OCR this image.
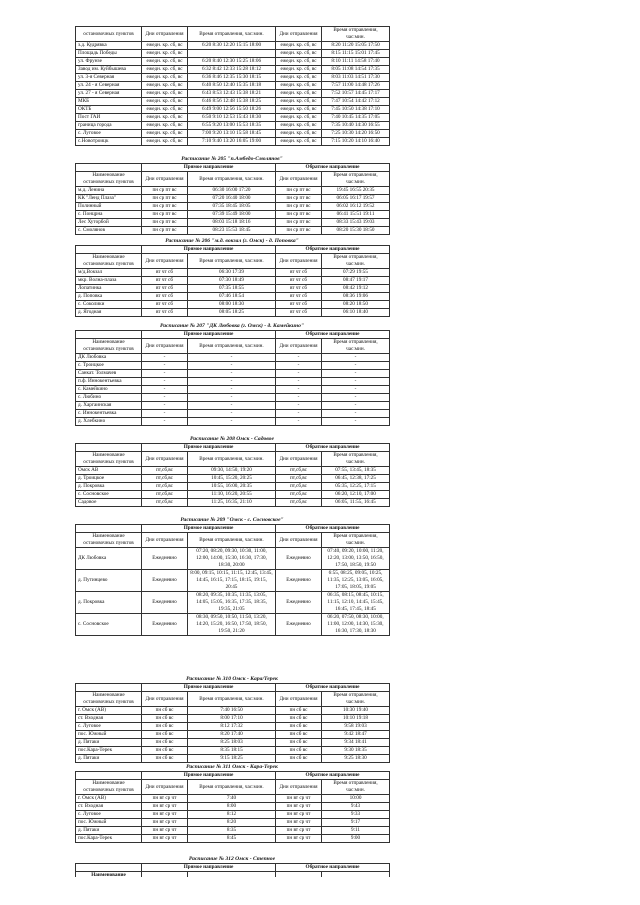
остановочных пунктов	Дни отправления	Время отправления, час:мин.	Дни отправления	Время отправления, час:мин.
з.д. Кудрявка	ежедн. кр. сб, вс	6:20 8:30 12:20 15:15 18:00	ежедн. кр. сб, вс	8:20 11:20 15:05 17:50
Площадь Победы	ежедн. кр. сб, вс		ежедн. кр. сб, вс	8:15 11:15 15:01 17:45
ул. Фрунзе	ежедн. кр. сб, вс	6:20 8:40 12:30 15:25 18:06	ежедн. кр. сб, вс	8:10 11:11 14:58 17:40
Завод им. Куйбышева	ежедн. кр. сб, вс	6:32 8:42 12:33 15:28 18:12	ежедн. кр. сб, вс	8:05 11:08 14:54 17:35
ул. 3-я Северная	ежедн. кр. сб, вс	6:36 8:46 12:35 15:30 18:15	ежедн. кр. сб, вс	8:03 11:03 14:51 17:30
ул. 24 - я Северная	ежедн. кр. сб, вс	6:40 8:50 12:40 15:35 18:18	ежедн. кр. сб, вс	7:57 11:00 14:48 17:26
ул. 27 - я Северная	ежедн. кр. сб, вс	6:43 8:53 12:43 15:38 18:21	ежедн. кр. сб, вс	7:52 10:57 14:45 17:17
МКБ	ежедн. кр. сб, вс	6:46 8:56 12:48 15:38 18:25	ежедн. кр. сб, вс	7:47 10:54 14:42 17:12
ОКТБ	ежедн. кр. сб, вс	6:49 9:00 12:56 15:50 18:26	ежедн. кр. сб, вс	7:45 10:50 14:38 17:10
Пост ГАИ	ежедн. кр. сб, вс	6:50 9:10 12:53 15:43 18:30	ежедн. кр. сб, вс	7:40 10:45 14:35 17:05
граница города	ежедн. кр. сб, вс	6:55 9:20 13:00 15:53 18:35	ежедн. кр. сб, вс	7:35 10:40 14:30 16:55
с. Луговое	ежедн. кр. сб, вс	7:00 9:20 13:10 15:58 18:45	ежедн. кр. сб, вс	7:25 10:30 14:20 16:50
с.Новотроицк	ежедн. кр. сб, вс	7:10 9:40 13:20 16:05 19:00	ежедн. кр. сб, вс	7:15 10:20 14:10 16:40
Расписание № 205 "п.Амбедо-Смолянов"
	Прямое направление		Обратное направление	
Наименование остановочных пунктов	Дни отправления	Время отправления, час:мин.	Дни отправления	Время отправления, час:мин.
м.д. Ленина	пн ср пт вс	06:30 16:00 17:20	пн ср пт вс	19:45 16:55 20:35
КК "Ленд Плаза"	пн ср пт вс	07:20 16:40 18:00	пн ср пт вс	06:05 16:17 19:57
Полинный	пн ср пт вс	07:35 18:45 18:05	пн ср пт вс	06:02 16:12 19:52
с. Понцрна	пн ср пт вс	07:39 15:49 18:00	пн ср пт вс	06:41 15:51 19:11
Лес Хуторбой	пн ср пт вс	08:03 15:18 18:16	пн ср пт вс	08:33 15:43 19:03
с. Смолянов	пн ср пт вс	08:23 15:53 18:45	пн ср пт вс	08:20 15:30 18:50
Расписание № 206 "м.д. вокзал (г. Омск) - д. Поповка"
	Прямое направление		Обратное направление	
Наименование остановочных пунктов	Дни отправления	Время отправления, час:мин.	Дни отправления	Время отправления, час:мин.
м/д.Вокзал	вт чт сб	06:30 17:39	вт чт сб	07:29 19:55
мкр. Волна-плаза	вт чт сб	07:30 18:49	вт чт сб	08:47 19:17
Лопатинка	вт чт сб	07:35 18:55	вт чт сб	08:42 19:12
д. Поповка	вт чт сб	07:46 18:54	вт чт сб	08:36 19:06
с. Соколики	вт чт сб	08:00 18:30	вт чт сб	08:20 18:50
д. Ягодная	вт чт сб	08:05 18:25	вт чт сб	06:10 18:40
Расписание № 207 "ДК Любовка (г. Омск) - д. Камейкино"
	Прямое направление		Обратное направление	
Наименование остановочных пунктов	Дни отправления	Время отправления, час:мин.	Дни отправления	Время отправления, час:мин.
ДК Любовка	-	-	-	-
с. Троицкое	-	-	-	-
Санкат. Толмачев	-	-	-	-
п.ф. Иннокентьевка	-	-	-	-
с. Камейкино	-	-	-	-
с. Любино	-	-	-	-
д. Харгаинская	-	-	-	-
с. Иннокентьевка	-	-	-	-
д. Хлебкино	-	-	-	-
Расписание № 208 Омск - Садовое
	Прямое направление		Обратное направление	
Наименование остановочных пунктов	Дни отправления	Время отправления, час:мин.	Дни отправления	Время отправления, час:мин.
Омск АВ	пт,сб,вс	09:30, 14:50, 19:20	пт,сб,вс	07:55, 13:45, 18:35
д. Троицкое	пт,сб,вс	10:45, 15:20, 20:25	пт,сб,вс	06:45, 12:38, 17:25
д. Покровка	пт,сб,вс	10:55, 16:00, 20:35	пт,сб,вс	05:35, 12:25, 17:15
с. Сосновское	пт,сб,вс	11:10, 16:20, 20:55	пт,сб,вс	06:20, 12:10, 17:00
Садовое	пт,сб,вс	11:25, 16:35, 21:10	пт,сб,вс	06:05, 11:55, 16:45
Расписание № 209 "Омск - с. Сосновское"
	Прямое направление		Обратное направление	
Наименование остановочных пунктов	Дни отправления	Время отправления, час:мин.	Дни отправления	Время отправления, час:мин.
ДК Любовка	Ежедневно	07:20, 08:20, 09:30, 10:30, 11:00, 12:00, 14:00, 15:30, 16:30, 17:30, 18:30, 20:00	Ежедневно	07:40, 09:20, 10:00, 11:20, 12:20, 13:00, 13:50, 16:50, 17:50, 18:50, 19:50
д. Путинцево	Ежедневно	8:00, 09:15, 10:15, 11:15, 12:45, 13:45, 14:45, 16:15, 17:15, 18:15, 19:15, 20:45	Ежедневно	6:55, 08:25, 09:05, 10:25, 11:35, 12:25, 13:05, 16:05, 17:05, 18:05, 19:05
д. Покровка	Ежедневно	08:20, 09:35, 10:35, 11:35, 13:05, 14:05, 15:05, 16:35, 17:35, 18:35, 19:35, 21:05	Ежедневно	06:35, 08:15, 08:45, 10:15, 11:15, 12:10, 14:45, 15:45, 16:45, 17:45, 18:45
с. Сосновское	Ежедневно	08:30, 09:50, 10:50, 11:50, 13:20, 14:20, 15:20, 16:50, 17:50, 18:50, 19:50, 21:20	Ежедневно	06:20, 07:50, 08:30, 10:00, 11:00, 12:00, 14:30, 15:30, 16:30, 17:30, 18:30
Расписание № 310 Омск - Кара/Терек
	Прямое направление		Обратное направление	
Наименование остановочных пунктов	Дни отправления	Время отправления, час:мин.	Дни отправления	Время отправления, час:мин.
г. Омск (АВ)	пн сб вс	7:40 16:50	пн сб вс	10:30 19:40
ст. Входная	пн сб вс	8:00 17:10	пн сб вс	10:10 19:18
с. Луговое	пн сб вс	8:12 17:32	пн сб вс	9:58 19:03
пос. Южный	пн сб вс	8:20 17:40	пн сб вс	9:42 18:47
д. Пятаки	пн сб вс	8:25 18:03	пн сб вс	9:34 18:41
пос.Кара-Терек	пн сб вс	8:35 18:15	пн сб вс	9:30 18:35
д. Пятаки	пн сб вс	9:15 18:25	пн сб вс	9:25 18:30
Расписание № 311 Омск - Кара-Терек
	Прямое направление		Обратное направление	
Наименование остановочных пунктов	Дни отправления	Время отправления, час:мин.	Дни отправления	Время отправления, час:мин.
г. Омск (АВ)	пн вт ср чт	7:40	пн вт ср чт	10:00
ст. Входная	пн вт ср чт	8:00	пн вт ср чт	9:43
с. Луговое	пн вт ср чт	8:12	пн вт ср чт	9:33
пос. Южный	пн вт ср чт	8:20	пн вт ср чт	9:17
д. Пятаки	пн вт ср чт	8:35	пн вт ср чт	9:11
пос.Кара-Терек	пн вт ср чт	8:45	пн вт ср чт	9:00
Расписание № 312 Омск - Степное
	Прямое направление		Обратное направление	
Наименование				
